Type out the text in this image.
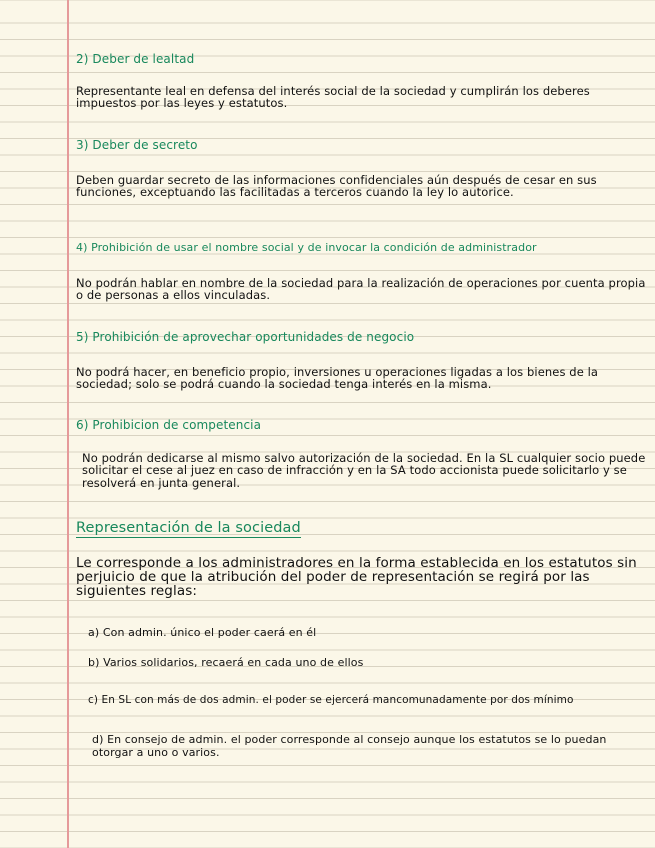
2) Deber de lealtad
Representante leal en defensa del interés social de la sociedad y cumplirán los deberes impuestos por las leyes y estatutos.
3) Deber de secreto
Deben guardar secreto de las informaciones confidenciales aún después de cesar en sus funciones, exceptuando las facilitadas a terceros cuando la ley lo autorice.
4) Prohibición de usar el nombre social y de invocar la condición de administrador
No podrán hablar en nombre de la sociedad para la realización de operaciones por cuenta propia o de personas a ellos vinculadas.
5) Prohibición de aprovechar oportunidades de negocio
No podrá hacer, en beneficio propio, inversiones u operaciones ligadas a los bienes de la sociedad; solo se podrá cuando la sociedad tenga interés en la misma.
6) Prohibicion de competencia
No podrán dedicarse al mismo salvo autorización de la sociedad. En la SL cualquier socio puede solicitar el cese al juez en caso de infracción y en la SA todo accionista puede solicitarlo y se resolverá en junta general.
Representación de la sociedad
Le corresponde a los administradores en la forma establecida en los estatutos sin perjuicio de que la atribución del poder de representación se regirá por las siguientes reglas:
a) Con admin. único el poder caerá en él
b) Varios solidarios, recaerá en cada uno de ellos
c) En SL con más de dos admin. el poder se ejercerá mancomunadamente por dos mínimo
d) En consejo de admin. el poder corresponde al consejo aunque los estatutos se lo puedan otorgar a uno o varios.
